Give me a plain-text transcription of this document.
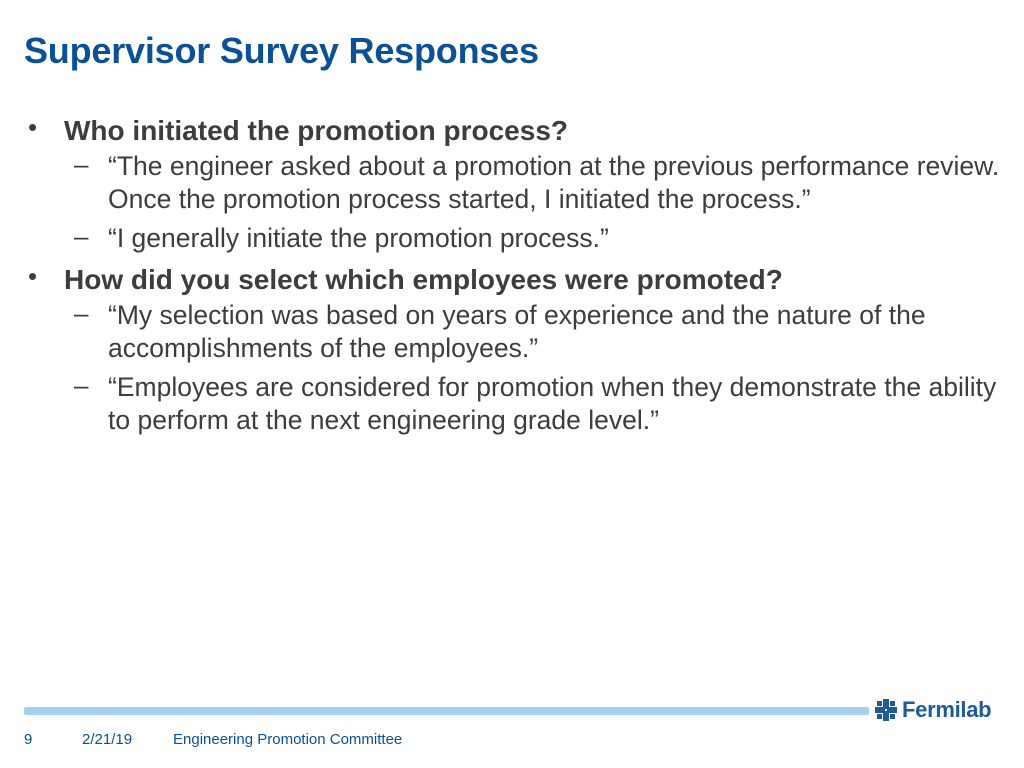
Supervisor Survey Responses
• Who initiated the promotion process?
– “The engineer asked about a promotion at the previous performance review. Once the promotion process started, I initiated the process.”
– “I generally initiate the promotion process.”
• How did you select which employees were promoted?
– “My selection was based on years of experience and the nature of the accomplishments of the employees.”
– “Employees are considered for promotion when they demonstrate the ability to perform at the next engineering grade level.”
Fermilab
9	2/21/19	Engineering Promotion Committee
